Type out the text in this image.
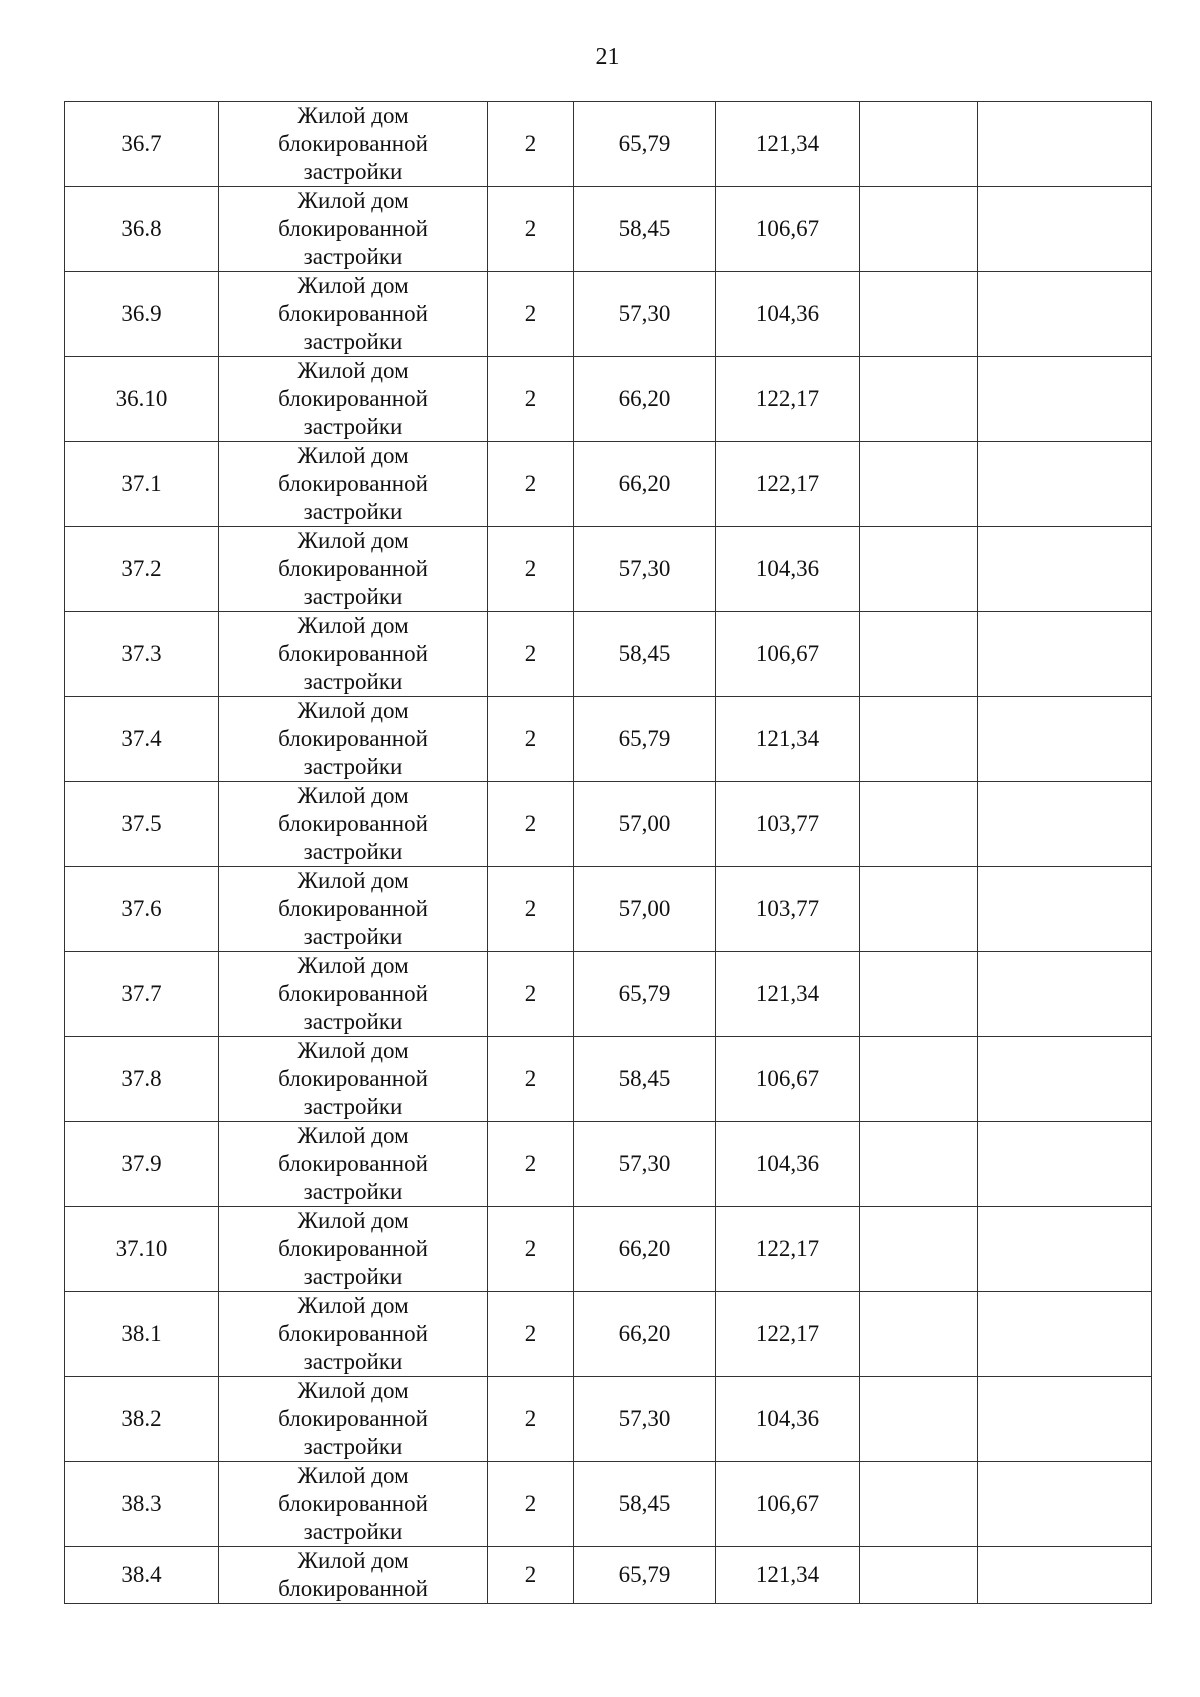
21
36.7	Жилой дом
блокированной
застройки	2	65,79	121,34		
36.8	Жилой дом
блокированной
застройки	2	58,45	106,67		
36.9	Жилой дом
блокированной
застройки	2	57,30	104,36		
36.10	Жилой дом
блокированной
застройки	2	66,20	122,17		
37.1	Жилой дом
блокированной
застройки	2	66,20	122,17		
37.2	Жилой дом
блокированной
застройки	2	57,30	104,36		
37.3	Жилой дом
блокированной
застройки	2	58,45	106,67		
37.4	Жилой дом
блокированной
застройки	2	65,79	121,34		
37.5	Жилой дом
блокированной
застройки	2	57,00	103,77		
37.6	Жилой дом
блокированной
застройки	2	57,00	103,77		
37.7	Жилой дом
блокированной
застройки	2	65,79	121,34		
37.8	Жилой дом
блокированной
застройки	2	58,45	106,67		
37.9	Жилой дом
блокированной
застройки	2	57,30	104,36		
37.10	Жилой дом
блокированной
застройки	2	66,20	122,17		
38.1	Жилой дом
блокированной
застройки	2	66,20	122,17		
38.2	Жилой дом
блокированной
застройки	2	57,30	104,36		
38.3	Жилой дом
блокированной
застройки	2	58,45	106,67		
38.4	Жилой дом
блокированной	2	65,79	121,34		
